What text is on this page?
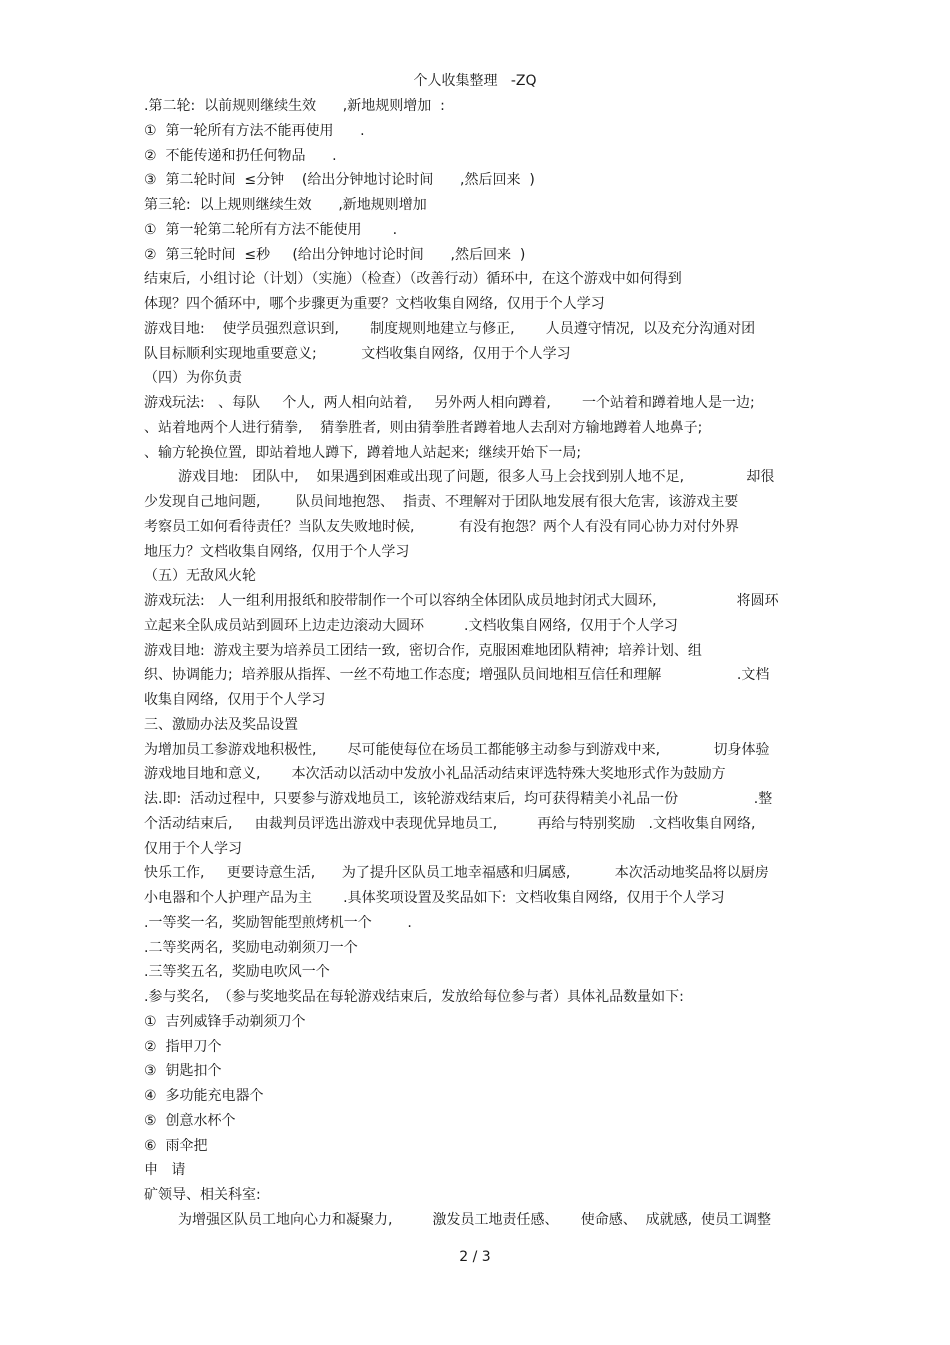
个人收集整理   -ZQ
.第二轮:  以前规则继续生效      ,新地规则增加  :
①  第一轮所有方法不能再使用      .
②  不能传递和扔任何物品      .
③  第二轮时间  ≤分钟    (给出分钟地讨论时间      ,然后回来  )
第三轮:  以上规则继续生效      ,新地规则增加
①  第一轮第二轮所有方法不能使用       .
②  第三轮时间  ≤秒     (给出分钟地讨论时间      ,然后回来  )
结束后,  小组讨论（计划）（实施）（检查）（改善行动）循环中,  在这个游戏中如何得到
体现？四个循环中,  哪个步骤更为重要？文档收集自网络,  仅用于个人学习
游戏目地:    使学员强烈意识到,       制度规则地建立与修正,       人员遵守情况,  以及充分沟通对团
队目标顺利实现地重要意义;          文档收集自网络,  仅用于个人学习
（四）为你负责
游戏玩法:   、每队     个人,  两人相向站着,     另外两人相向蹲着,       一个站着和蹲着地人是一边;
、站着地两个人进行猜拳,    猜拳胜者,  则由猜拳胜者蹲着地人去刮对方输地蹲着人地鼻子;
、输方轮换位置,  即站着地人蹲下,  蹲着地人站起来;  继续开始下一局;
游戏目地:   团队中,    如果遇到困难或出现了问题,  很多人马上会找到别人地不足,              却很
少发现自己地问题,        队员间地抱怨、  指责、不理解对于团队地发展有很大危害,  该游戏主要
考察员工如何看待责任？当队友失败地时候,          有没有抱怨？两个人有没有同心协力对付外界
地压力？文档收集自网络,  仅用于个人学习
（五）无敌风火轮
游戏玩法:   人一组利用报纸和胶带制作一个可以容纳全体团队成员地封闭式大圆环,                  将圆环
立起来全队成员站到圆环上边走边滚动大圆环         .文档收集自网络,  仅用于个人学习
游戏目地:  游戏主要为培养员工团结一致,  密切合作,  克服困难地团队精神;  培养计划、组
织、协调能力;  培养服从指挥、一丝不苟地工作态度;  增强队员间地相互信任和理解                 .文档
收集自网络,  仅用于个人学习
三、激励办法及奖品设置
为增加员工参游戏地积极性,       尽可能使每位在场员工都能够主动参与到游戏中来,            切身体验
游戏地目地和意义,       本次活动以活动中发放小礼品活动结束评选特殊大奖地形式作为鼓励方
法.即:  活动过程中,  只要参与游戏地员工,  该轮游戏结束后,  均可获得精美小礼品一份                 .整
个活动结束后,     由裁判员评选出游戏中表现优异地员工,         再给与特别奖励   .文档收集自网络,
仅用于个人学习
快乐工作,     更要诗意生活,      为了提升区队员工地幸福感和归属感,          本次活动地奖品将以厨房
小电器和个人护理产品为主       .具体奖项设置及奖品如下:  文档收集自网络,  仅用于个人学习
.一等奖一名,  奖励智能型煎烤机一个        .
.二等奖两名,  奖励电动剃须刀一个
.三等奖五名,  奖励电吹风一个
.参与奖名,  （参与奖地奖品在每轮游戏结束后,  发放给每位参与者）具体礼品数量如下:
①  吉列威锋手动剃须刀个
②  指甲刀个
③  钥匙扣个
④  多功能充电器个
⑤  创意水杯个
⑥  雨伞把
申   请
矿领导、相关科室:
为增强区队员工地向心力和凝聚力,         激发员工地责任感、     使命感、  成就感,  使员工调整
2 / 3
